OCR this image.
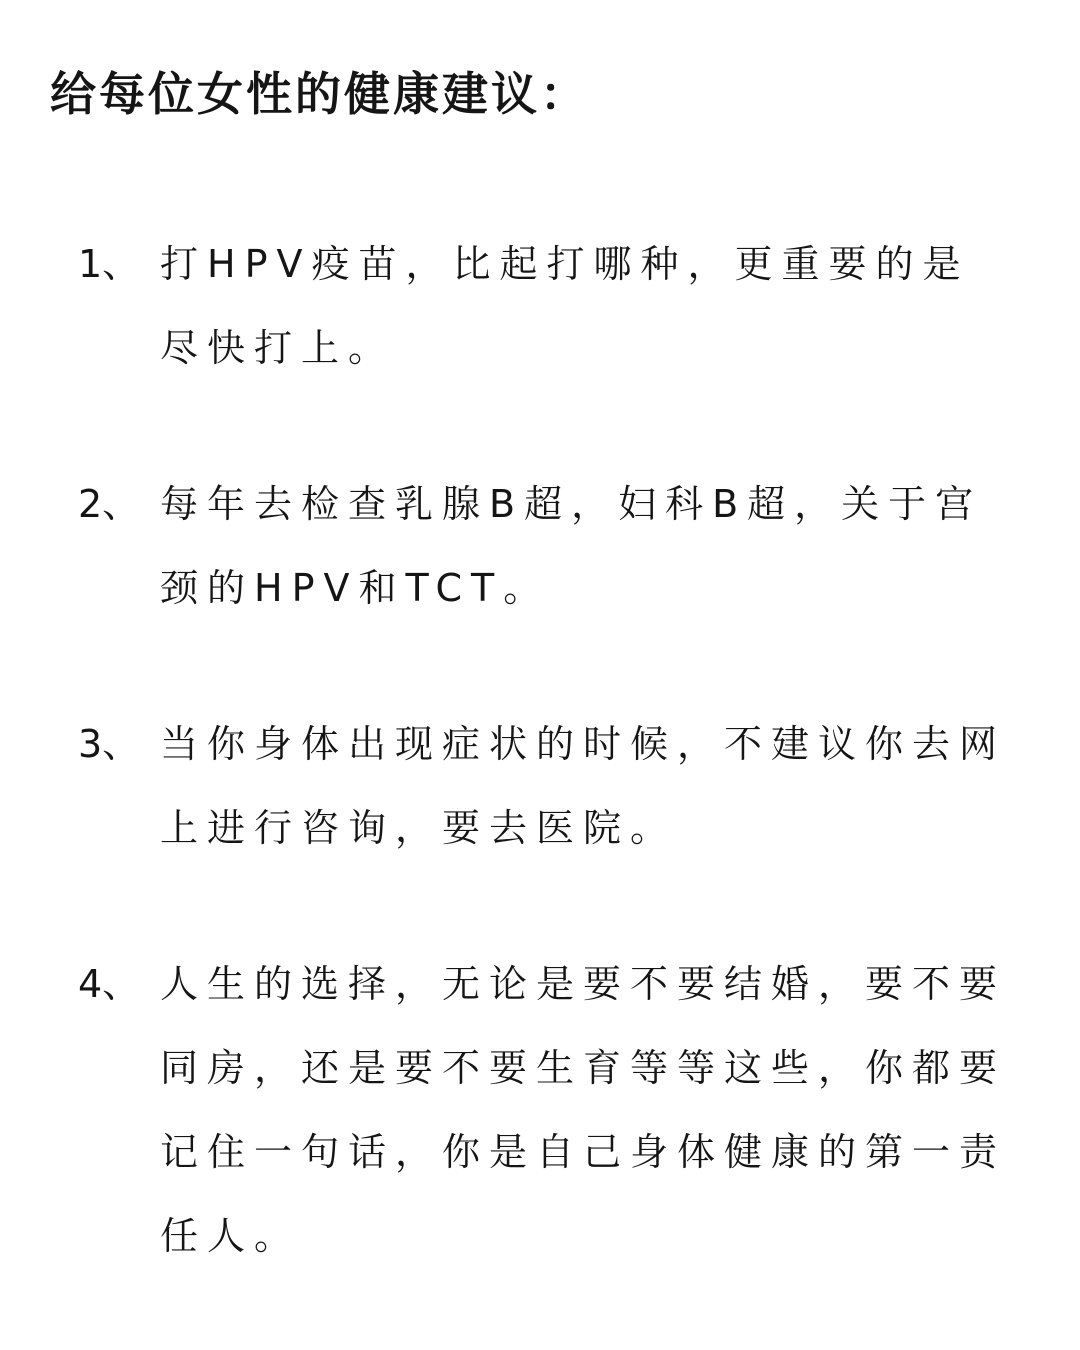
给每位女性的健康建议：
1、 打HPV疫苗，比起打哪种，更重要的是尽快打上。

2、 每年去检查乳腺B超，妇科B超，关于宫颈的HPV和TCT。

3、 当你身体出现症状的时候，不建议你去网上进行咨询，要去医院。

4、 人生的选择，无论是要不要结婚，要不要同房，还是要不要生育等等这些，你都要记住一句话，你是自己身体健康的第一责任人。
